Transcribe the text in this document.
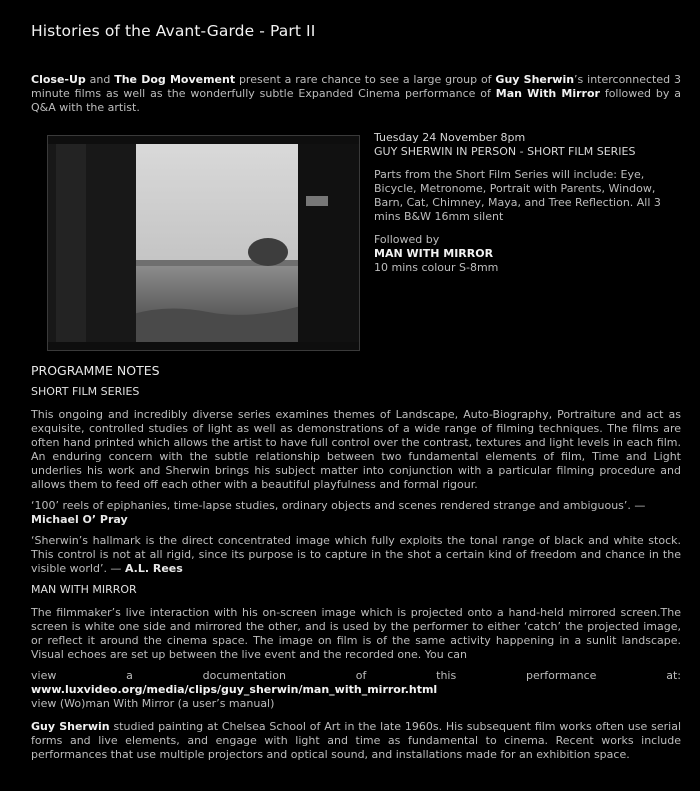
Histories of the Avant-Garde - Part II
Close-Up and The Dog Movement present a rare chance to see a large group of Guy Sherwin’s interconnected 3 minute films as well as the wonderfully subtle Expanded Cinema performance of Man With Mirror followed by a Q&A with the artist.

Tuesday 24 November 8pm
GUY SHERWIN IN PERSON - SHORT FILM SERIES

Parts from the Short Film Series will include: Eye, Bicycle, Metronome, Portrait with Parents, Window, Barn, Cat, Chimney, Maya, and Tree Reflection. All 3 mins B&W 16mm silent

Followed by
MAN WITH MIRROR
10 mins colour S-8mm

PROGRAMME NOTES
SHORT FILM SERIES

This ongoing and incredibly diverse series examines themes of Landscape, Auto-Biography, Portraiture and act as exquisite, controlled studies of light as well as demonstrations of a wide range of filming techniques. The films are often hand printed which allows the artist to have full control over the contrast, textures and light levels in each film. An enduring concern with the subtle relationship between two fundamental elements of film, Time and Light underlies his work and Sherwin brings his subject matter into conjunction with a particular filming procedure and allows them to feed off each other with a beautiful playfulness and formal rigour.

‘100’ reels of epiphanies, time-lapse studies, ordinary objects and scenes rendered strange and ambiguous’. —
Michael O’ Pray

‘Sherwin’s hallmark is the direct concentrated image which fully exploits the tonal range of black and white stock. This control is not at all rigid, since its purpose is to capture in the shot a certain kind of freedom and chance in the visible world’. — A.L. Rees

MAN WITH MIRROR

The filmmaker’s live interaction with his on-screen image which is projected onto a hand-held mirrored screen.The screen is white one side and mirrored the other, and is used by the performer to either ‘catch’ the projected image, or reflect it around the cinema space. The image on film is of the same activity happening in a sunlit landscape. Visual echoes are set up between the live event and the recorded one. You can

view	a	documentation	of	this	performance	at:
www.luxvideo.org/media/clips/guy_sherwin/man_with_mirror.html
view (Wo)man With Mirror (a user’s manual)

Guy Sherwin studied painting at Chelsea School of Art in the late 1960s. His subsequent film works often use serial forms and live elements, and engage with light and time as fundamental to cinema. Recent works include performances that use multiple projectors and optical sound, and installations made for an exhibition space.
